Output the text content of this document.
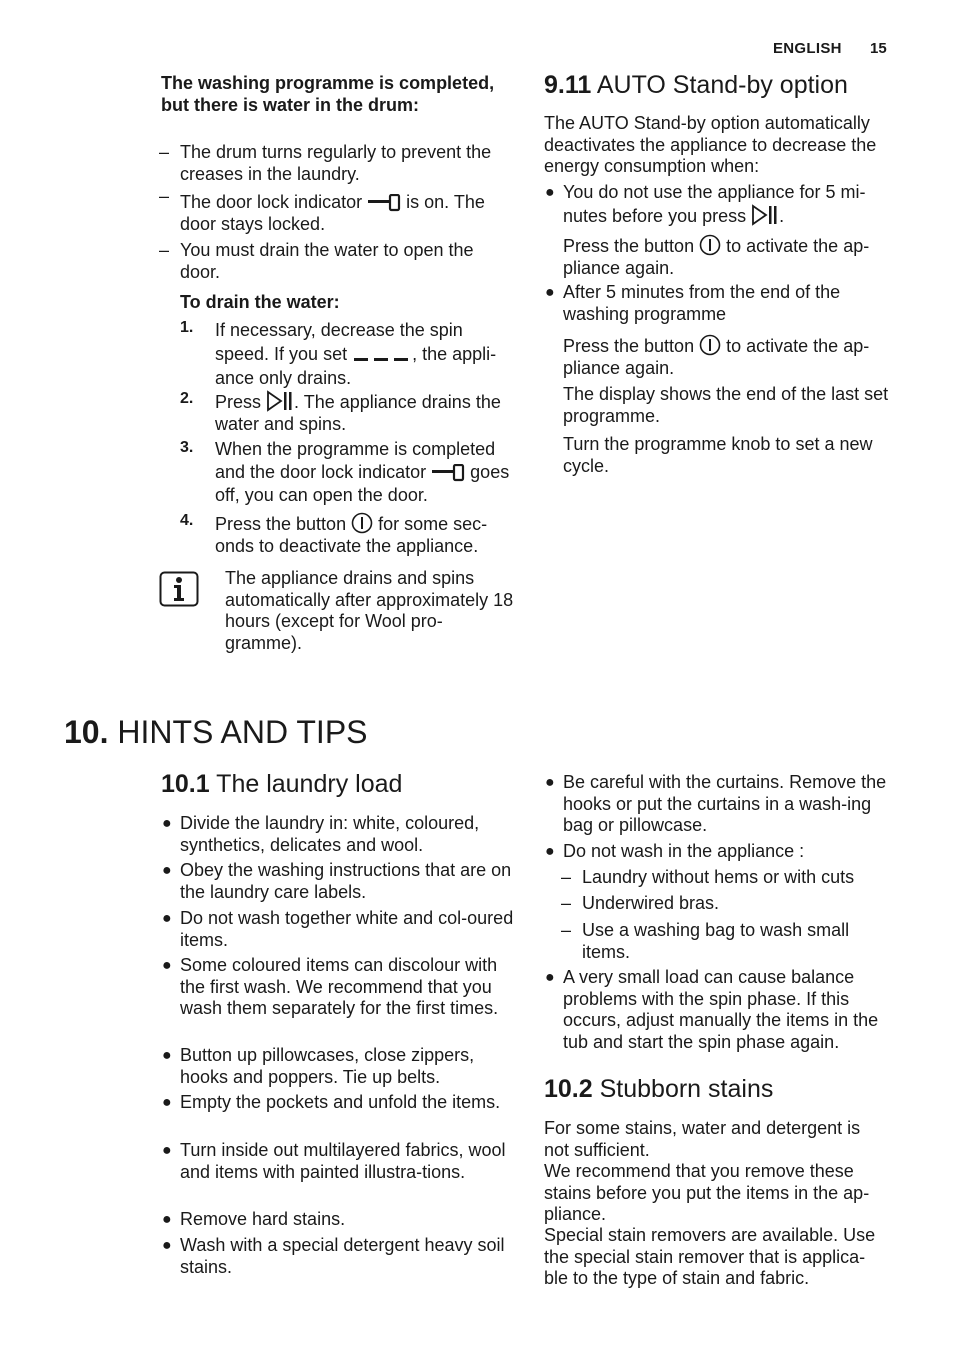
ENGLISH 15
The washing programme is completed, but there is water in the drum:
– The drum turns regularly to prevent the creases in the laundry.
– The door lock indicator is on. The door stays locked.
– You must drain the water to open the door.
To drain the water:
1. If necessary, decrease the spin speed. If you set	, the appli-ance only drains.
2. Press . The appliance drains the water and spins.
3. When the programme is completed and the door lock indicator goes off, you can open the door.
4. Press the button for some sec-onds to deactivate the appliance.
The appliance drains and spins automatically after approximately 18 hours (except for Wool pro-gramme).
9.11 AUTO Stand-by option
The AUTO Stand-by option automatically deactivates the appliance to decrease the energy consumption when:
● You do not use the appliance for 5 mi-nutes before you press .
Press the button to activate the ap-pliance again.
● After 5 minutes from the end of the washing programme
Press the button to activate the ap-pliance again.
The display shows the end of the last set programme.
Turn the programme knob to set a new cycle.
10. HINTS AND TIPS
10.1 The laundry load
● Divide the laundry in: white, coloured, synthetics, delicates and wool.
● Obey the washing instructions that are on the laundry care labels.
● Do not wash together white and col-oured items.
● Some coloured items can discolour with the first wash. We recommend that you wash them separately for the first times.
● Button up pillowcases, close zippers, hooks and poppers. Tie up belts.
● Empty the pockets and unfold the items.
● Turn inside out multilayered fabrics, wool and items with painted illustra-tions.
● Remove hard stains.
● Wash with a special detergent heavy soil stains.
● Be careful with the curtains. Remove the hooks or put the curtains in a wash-ing bag or pillowcase.
● Do not wash in the appliance :
– Laundry without hems or with cuts
– Underwired bras.
– Use a washing bag to wash small items.
● A very small load can cause balance problems with the spin phase. If this occurs, adjust manually the items in the tub and start the spin phase again.
10.2 Stubborn stains
For some stains, water and detergent is not sufficient.
We recommend that you remove these stains before you put the items in the ap-pliance.
Special stain removers are available. Use the special stain remover that is applica-ble to the type of stain and fabric.
